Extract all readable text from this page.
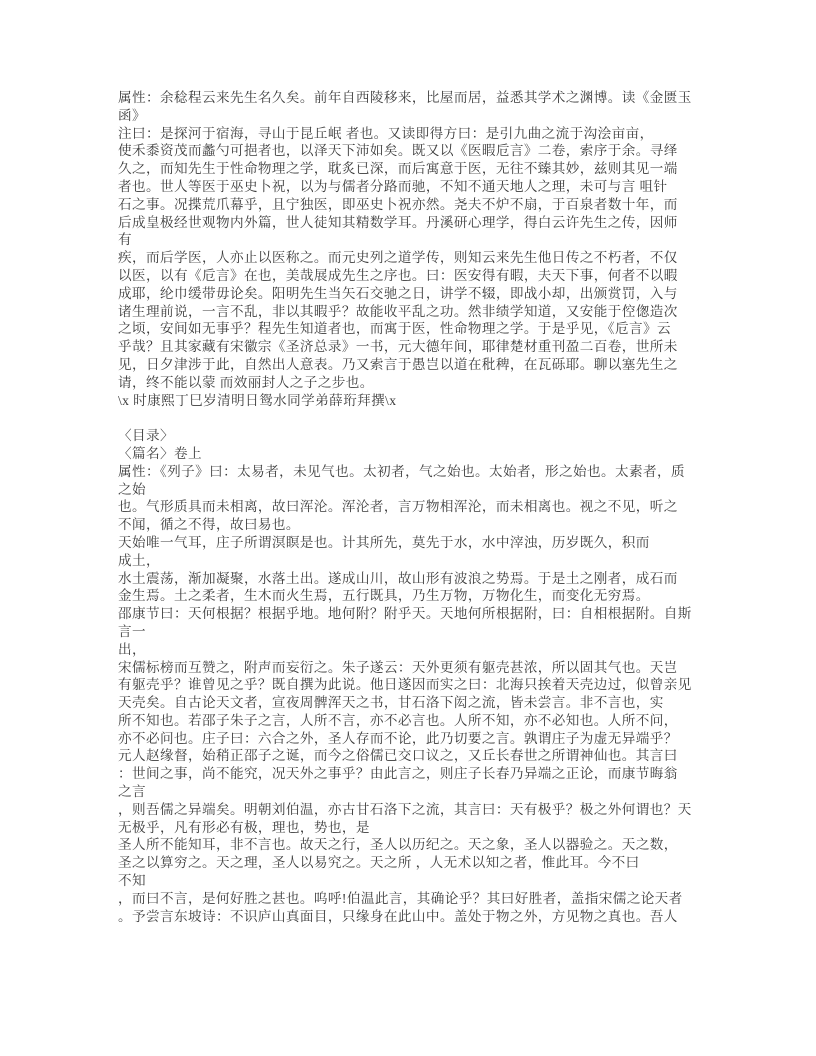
属性：余稔程云来先生名久矣。前年自西陵移来，比屋而居，益悉其学术之渊博。读《金匮玉
函》
注曰：是探河于宿海，寻山于昆丘岷 者也。又读即得方曰：是引九曲之流于沟浍亩亩，
使禾黍资茂而蠡勺可挹者也，以泽天下沛如矣。既又以《医暇卮言》二卷，索序于余。寻绎
久之，而知先生于性命物理之学，耽炙已深，而后寓意于医，无往不臻其妙，兹则其见一端
者也。世人等医于巫史卜祝，以为与儒者分路而驰，不知不通天地人之理，未可与言 咀针
石之事。况揲荒爪幕乎，且宁独医，即巫史卜祝亦然。尧夫不炉不扇，于百泉者数十年，而
后成皇极经世观物内外篇，世人徒知其精数学耳。丹溪研心理学，得白云许先生之传，因师
有
疾，而后学医，人亦止以医称之。而元史列之道学传，则知云来先生他日传之不朽者，不仅
以医，以有《卮言》在也，美哉展成先生之序也。曰：医安得有暇，夫天下事，何者不以暇
成耶，纶巾缓带毋论矣。阳明先生当矢石交驰之日，讲学不辍，即战小却，出颁赏罚，入与
诸生理前说，一言不乱，非以其暇乎？故能收平乱之功。然非绩学知道，又安能于倥偬造次
之顷，安间如无事乎？程先生知道者也，而寓于医，性命物理之学。于是乎见，《卮言》云
乎哉？且其家藏有宋徽宗《圣济总录》一书，元大德年间，耶律楚材重刊盈二百卷，世所未
见，日夕津涉于此，自然出人意表。乃又索言于愚岂以道在秕稗，在瓦砾耶。聊以塞先生之
请，终不能以蒙 而效丽封人之子之步也。
\x 时康熙丁巳岁清明日鸳水同学弟薛珩拜撰\x
〈目录〉
〈篇名〉卷上
属性：《列子》曰：太易者，未见气也。太初者，气之始也。太始者，形之始也。太素者，质
之始
也。气形质具而未相离，故曰浑沦。浑沦者，言万物相浑沦，而未相离也。视之不见，听之
不闻，循之不得，故曰易也。
天始唯一气耳，庄子所谓溟瞑是也。计其所先，莫先于水，水中滓浊，历岁既久，积而
成土，
水土震荡，渐加凝聚，水落土出。遂成山川，故山形有波浪之势焉。于是土之刚者，成石而
金生焉。土之柔者，生木而火生焉，五行既具，乃生万物，万物化生，而变化无穷焉。
邵康节曰：天何根据？根据乎地。地何附？附乎天。天地何所根据附，曰：自相根据附。自斯
言一
出，
宋儒标榜而互赞之，附声而妄衍之。朱子遂云：天外更须有躯壳甚浓，所以固其气也。天岂
有躯壳乎？谁曾见之乎？既自撰为此说。他日遂因而实之曰：北海只挨着天壳边过，似曾亲见
天壳矣。自古论天文者，宣夜周髀浑天之书，甘石洛下闳之流，皆未尝言。非不言也，实
所不知也。若邵子朱子之言，人所不言，亦不必言也。人所不知，亦不必知也。人所不问，
亦不必问也。庄子曰：六合之外，圣人存而不论，此乃切要之言。孰谓庄子为虚无异端乎？
元人赵缘督，始稍正邵子之诞，而今之俗儒已交口议之，又丘长春世之所谓神仙也。其言曰
：世间之事，尚不能究，况天外之事乎？由此言之，则庄子长春乃异端之正论，而康节晦翁
之言
，则吾儒之异端矣。明朝刘伯温，亦古甘石洛下之流，其言曰：天有极乎？极之外何谓也？天
无极乎，凡有形必有极，理也，势也，是
圣人所不能知耳，非不言也。故天之行，圣人以历纪之。天之象，圣人以器验之。天之数，
圣之以算穷之。天之理，圣人以易究之。天之所 ，人无术以知之者，惟此耳。今不曰
不知
，而曰不言，是何好胜之甚也。呜呼!伯温此言，其确论乎？其曰好胜者，盖指宋儒之论天者
。予尝言东坡诗：不识庐山真面目，只缘身在此山中。盖处于物之外，方见物之真也。吾人
